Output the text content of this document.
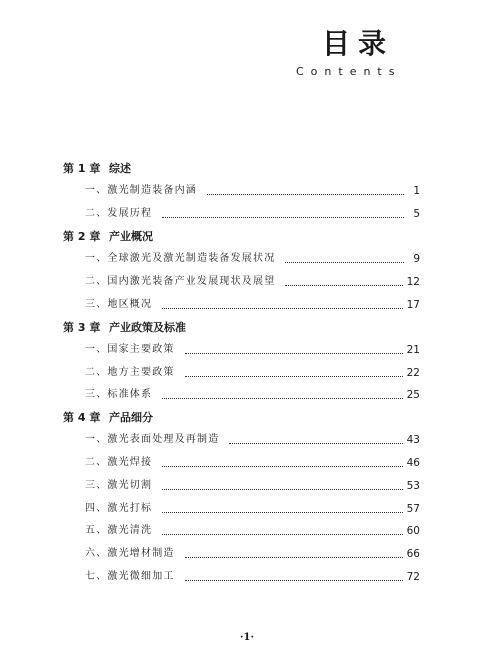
目录
Contents
第 1 章 综述
一、激光制造装备内涵	1
二、发展历程	5
第 2 章 产业概况
一、全球激光及激光制造装备发展状况	9
二、国内激光装备产业发展现状及展望	12
三、地区概况	17
第 3 章 产业政策及标准
一、国家主要政策	21
二、地方主要政策	22
三、标准体系	25
第 4 章 产品细分
一、激光表面处理及再制造	43
二、激光焊接	46
三、激光切割	53
四、激光打标	57
五、激光清洗	60
六、激光增材制造	66
七、激光微细加工	72
·1·
